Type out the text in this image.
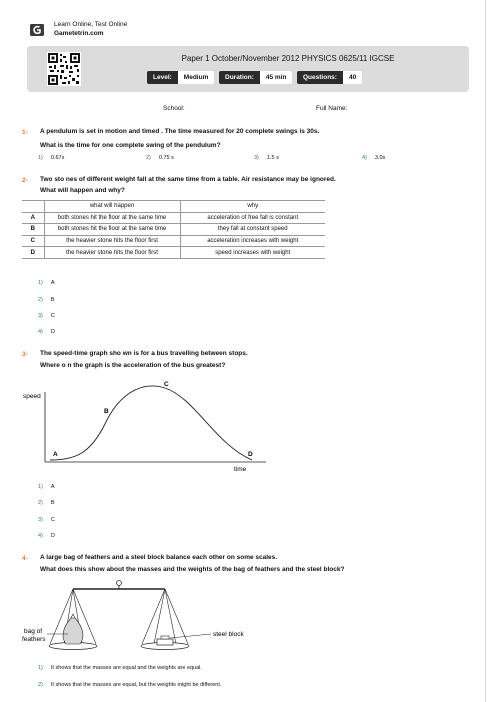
Learn Online, Test Online
Gametetrin.com
Paper 1 October/November 2012 PHYSICS 0625/11 IGCSE
Level:	Medium	Duration:	45 min	Questions:	40
School:	Full Name:
1- A pendulum is set in motion and timed . The time measured for 20 complete swings is 30s.
What is the time for one complete swing of the pendulum?
1) 0.67s	2) 0.75 s	3) 1.5 s	4) 3.0s
2- Two sto nes of different weight fall at the same time from a table. Air resistance may be ignored.
What will happen and why?
	what will happen	why
A	both stones hit the floor at the same time	acceleration of free fall is constant
B	both stones hit the floor at the same time	they fall at constant speed
C	the heavier stone hits the floor first	acceleration increases with weight
D	the heavier stone hits the floor first	speed increases with weight
1) A
2) B
3) C
4) D
3- The speed-time graph sho wn is for a bus travelling between stops.
Where o n the graph is the acceleration of the bus greatest?
speed
time
A
B
C
D
1) A
2) B
3) C
4) D
4- A large bag of feathers and a steel block balance each other on some scales.
What does this show about the masses and the weights of the bag of feathers and the steel block?
bag of
feathers
steel block
1) It shows that the masses are equal and the weights are equal.
2) It shows that the masses are equal, but the weights might be different.
